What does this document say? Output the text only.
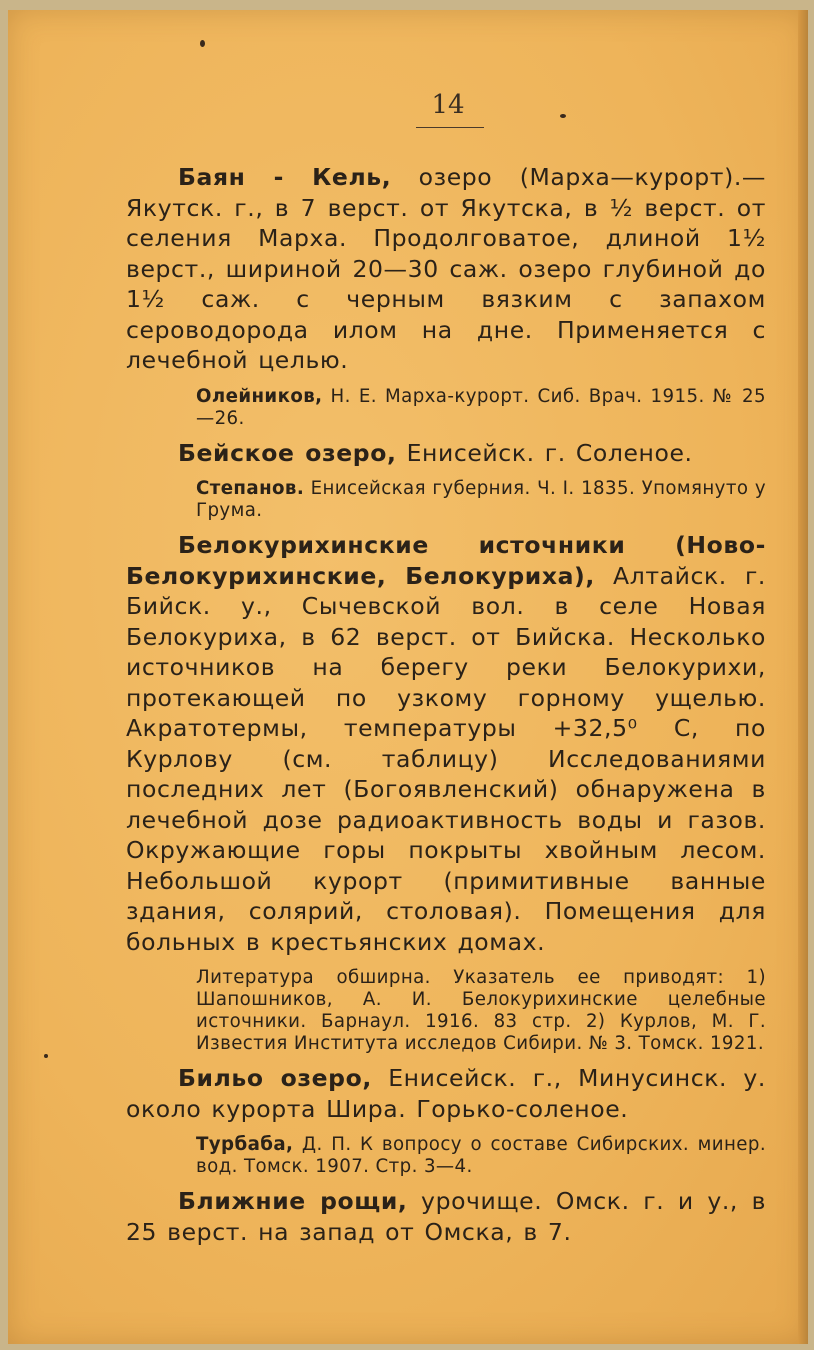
14

Баян - Кель, озеро (Марха—курорт).— Якутск. г., в 7 верст. от Якутска, в ½ верст. от селения Марха. Продолговатое, длиной 1½ верст., шириной 20—30 саж. озеро глубиной до 1½ саж. с черным вязким с запахом сероводорода илом на дне. Применяется с лечебной целью.

Олейников, Н. Е. Марха-курорт. Сиб. Врач. 1915. № 25—26.

Бейское озеро, Енисейск. г. Соленое.

Степанов. Енисейская губерния. Ч. I. 1835. Упомянуто у Грума.

Белокурихинские источники (Ново-Белокурихинские, Белокуриха), Алтайск. г. Бийск. у., Сычевской вол. в селе Новая Белокуриха, в 62 верст. от Бийска. Несколько источников на берегу реки Белокурихи, протекающей по узкому горному ущелью. Акратотермы, температуры +32,5⁰ С, по Курлову (см. таблицу) Исследованиями последних лет (Богоявленский) обнаружена в лечебной дозе радиоактивность воды и газов. Окружающие горы покрыты хвойным лесом. Небольшой курорт (примитивные ванные здания, солярий, столовая). Помещения для больных в крестьянских домах.

Литература обширна. Указатель ее приводят: 1) Шапошников, А. И. Белокурихинские целебные источники. Барнаул. 1916. 83 стр. 2) Курлов, М. Г. Известия Института исследов Сибири. № 3. Томск. 1921.

Бильо озеро, Енисейск. г., Минусинск. у. около курорта Шира. Горько-соленое.

Турбаба, Д. П. К вопросу о составе Сибирских. минер. вод. Томск. 1907. Стр. 3—4.

Ближние рощи, урочище. Омск. г. и у., в 25 верст. на запад от Омска, в 7.
